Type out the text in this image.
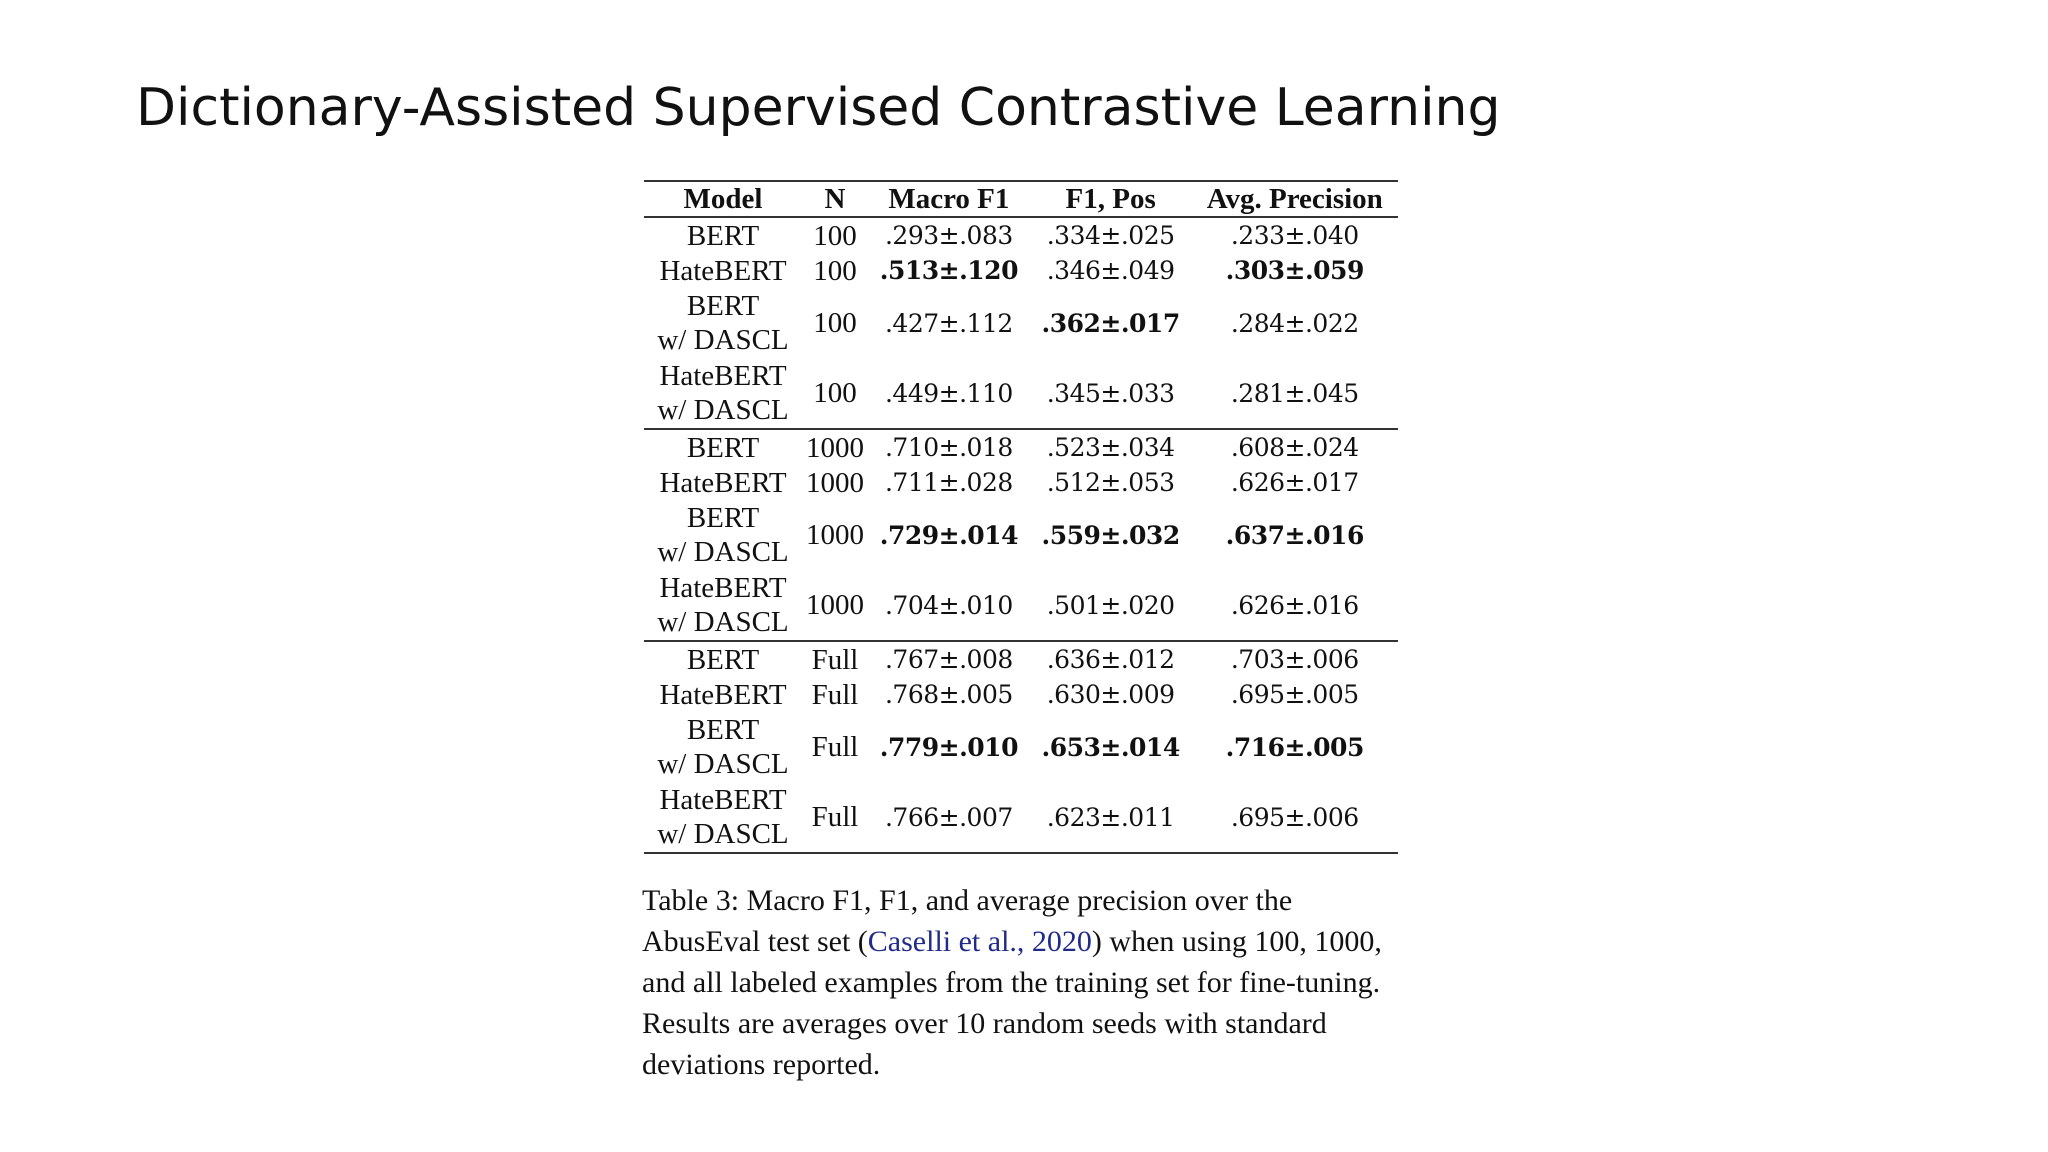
Dictionary-Assisted Supervised Contrastive Learning
Model	N	Macro F1	F1, Pos	Avg. Precision

BERT	100	.293±.083	.334±.025	.233±.040

HateBERT	100	.513±.120	.346±.049	.303±.059

BERT
w/ DASCL	100	.427±.112	.362±.017	.284±.022

HateBERT
w/ DASCL	100	.449±.110	.345±.033	.281±.045

BERT	1000	.710±.018	.523±.034	.608±.024

HateBERT	1000	.711±.028	.512±.053	.626±.017

BERT
w/ DASCL	1000	.729±.014	.559±.032	.637±.016

HateBERT
w/ DASCL	1000	.704±.010	.501±.020	.626±.016

BERT	Full	.767±.008	.636±.012	.703±.006

HateBERT	Full	.768±.005	.630±.009	.695±.005

BERT
w/ DASCL	Full	.779±.010	.653±.014	.716±.005

HateBERT
w/ DASCL	Full	.766±.007	.623±.011	.695±.006

Table 3: Macro F1, F1, and average precision over the AbusEval test set (Caselli et al., 2020) when using 100, 1000, and all labeled examples from the training set for fine-tuning. Results are averages over 10 random seeds with standard deviations reported.
